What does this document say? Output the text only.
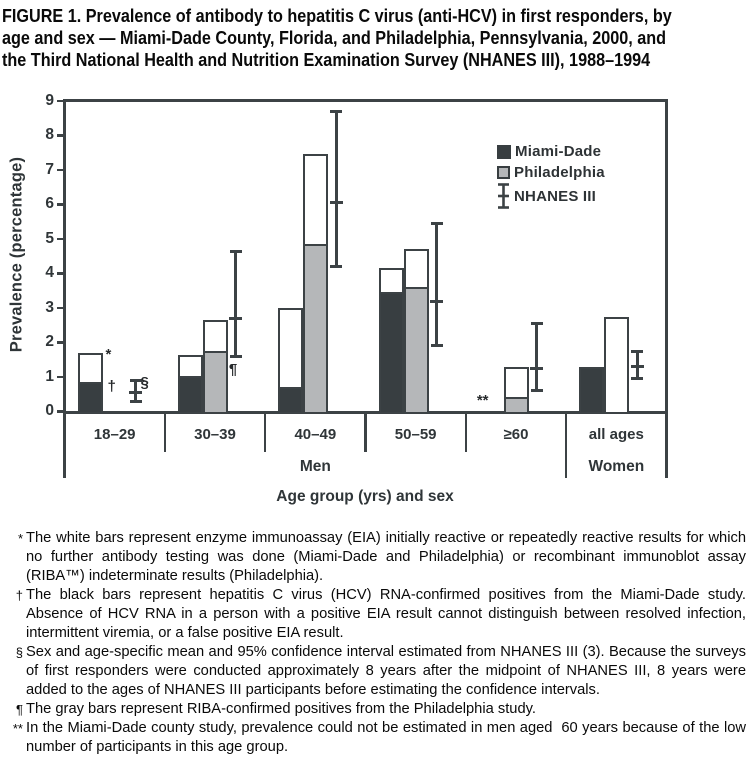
FIGURE 1. Prevalence of antibody to hepatitis C virus (anti-HCV) in first responders, by
age and sex — Miami-Dade County, Florida, and Philadelphia, Pennsylvania, 2000, and
the Third National Health and Nutrition Examination Survey (NHANES III), 1988–1994
Prevalence (percentage)
Miami-Dade
Philadelphia
NHANES III
Age group (yrs) and sex
0
1
2
3
4
5
6
7
8
9
18–29	30–39	40–49	50–59	≥60	all ages
Men	Women
*
† §
¶
**
* The white bars represent enzyme immunoassay (EIA) initially reactive or repeatedly reactive results for which no further antibody testing was done (Miami-Dade and Philadelphia) or recombinant immunoblot assay (RIBA™) indeterminate results (Philadelphia).
† The black bars represent hepatitis C virus (HCV) RNA-confirmed positives from the Miami-Dade study. Absence of HCV RNA in a person with a positive EIA result cannot distinguish between resolved infection, intermittent viremia, or a false positive EIA result.
§ Sex and age-specific mean and 95% confidence interval estimated from NHANES III (3). Because the surveys of first responders were conducted approximately 8 years after the midpoint of NHANES III, 8 years were added to the ages of NHANES III participants before estimating the confidence intervals.
¶ The gray bars represent RIBA-confirmed positives from the Philadelphia study.
** In the Miami-Dade county study, prevalence could not be estimated in men aged  60 years because of the low number of participants in this age group.
